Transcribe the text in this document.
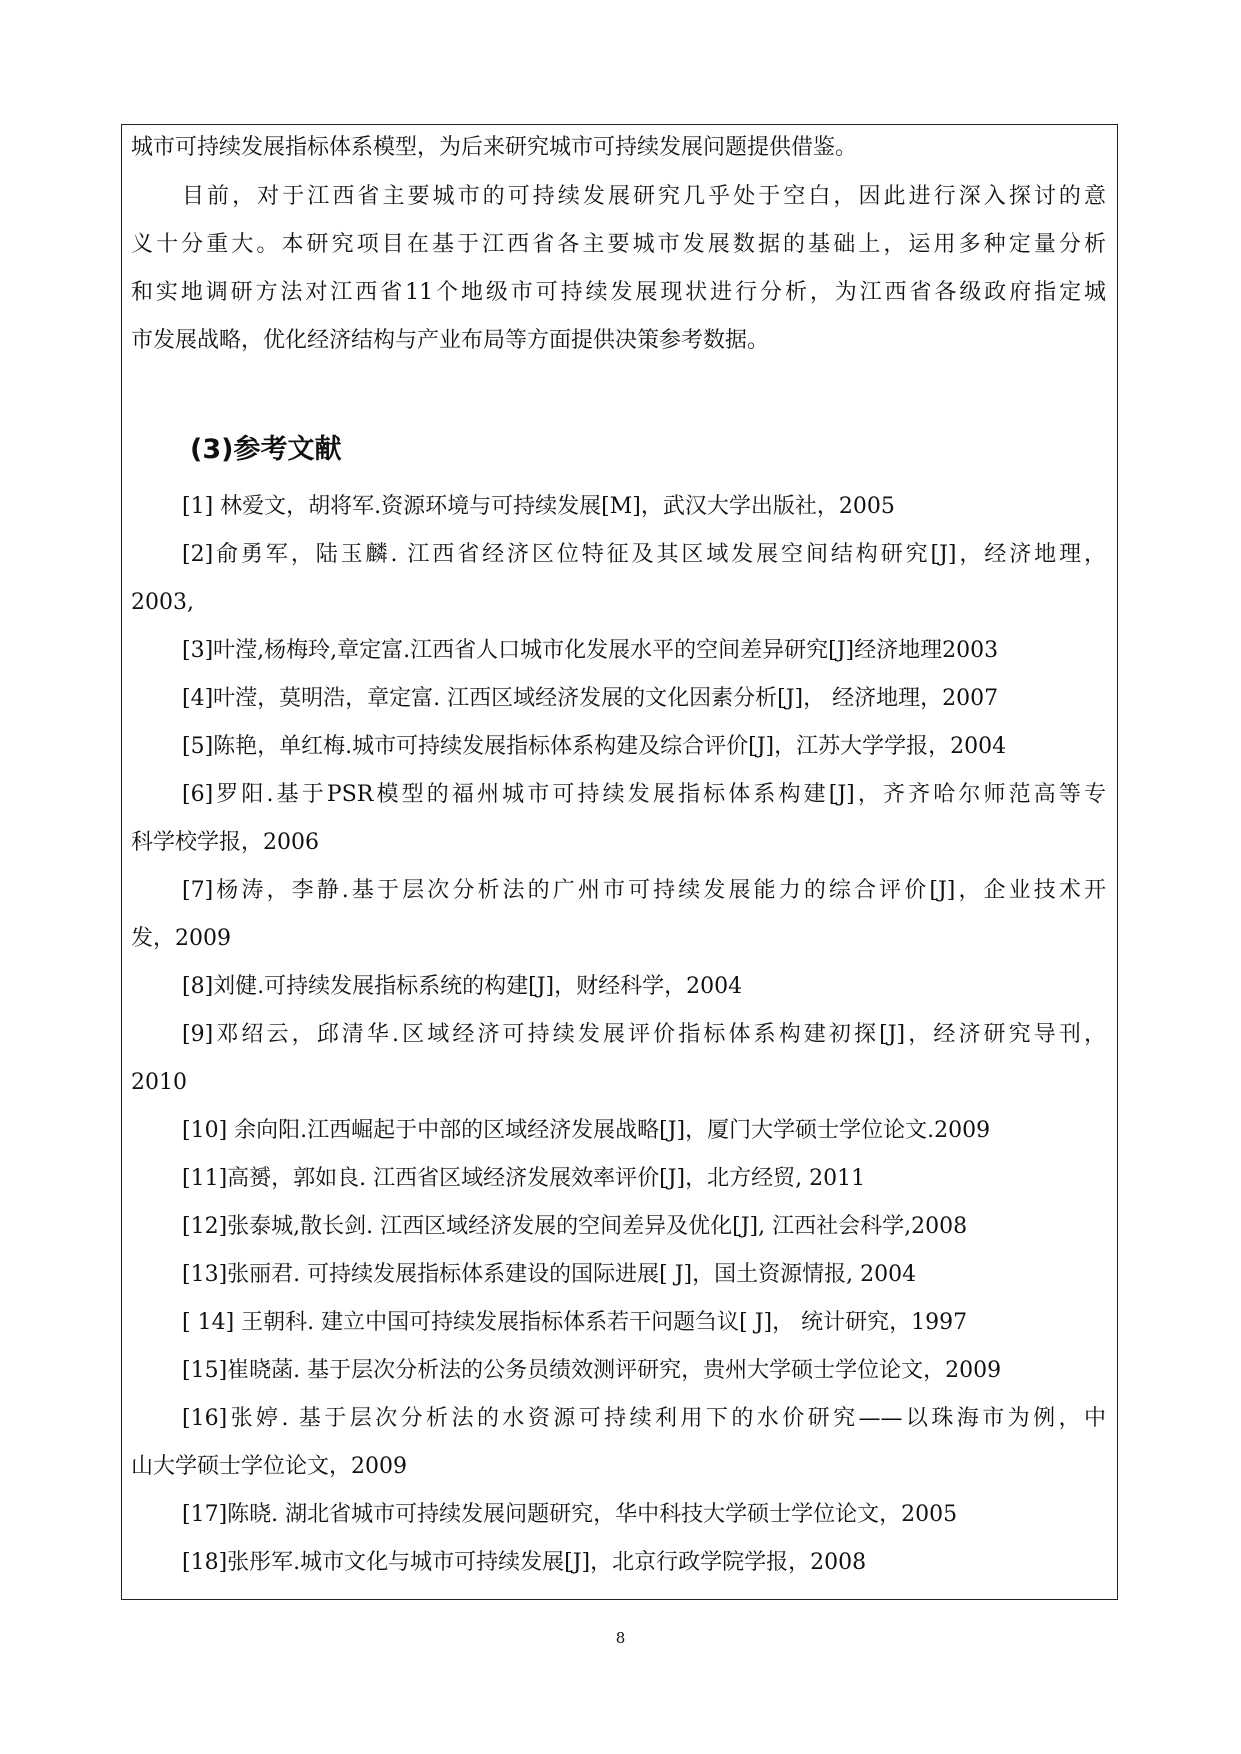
城市可持续发展指标体系模型，为后来研究城市可持续发展问题提供借鉴。
目前，对于江西省主要城市的可持续发展研究几乎处于空白，因此进行深入探讨的意
义十分重大。本研究项目在基于江西省各主要城市发展数据的基础上，运用多种定量分析
和实地调研方法对江西省11个地级市可持续发展现状进行分析，为江西省各级政府指定城
市发展战略，优化经济结构与产业布局等方面提供决策参考数据。
(3)参考文献
[1] 林爱文，胡将军.资源环境与可持续发展[M]，武汉大学出版社，2005
[2]俞勇军，陆玉麟. 江西省经济区位特征及其区域发展空间结构研究[J]，经济地理，
2003,
[3]叶滢,杨梅玲,章定富.江西省人口城市化发展水平的空间差异研究[J]经济地理2003
[4]叶滢，莫明浩，章定富. 江西区域经济发展的文化因素分析[J]， 经济地理，2007
[5]陈艳，单红梅.城市可持续发展指标体系构建及综合评价[J]，江苏大学学报，2004
[6]罗阳.基于PSR模型的福州城市可持续发展指标体系构建[J]，齐齐哈尔师范高等专
科学校学报，2006
[7]杨涛，李静.基于层次分析法的广州市可持续发展能力的综合评价[J]，企业技术开
发，2009
[8]刘健.可持续发展指标系统的构建[J]，财经科学，2004
[9]邓绍云，邱清华.区域经济可持续发展评价指标体系构建初探[J]，经济研究导刊，
2010
[10] 余向阳.江西崛起于中部的区域经济发展战略[J]，厦门大学硕士学位论文.2009
[11]高赟，郭如良. 江西省区域经济发展效率评价[J]，北方经贸, 2011
[12]张泰城,散长剑. 江西区域经济发展的空间差异及优化[J], 江西社会科学,2008
[13]张丽君. 可持续发展指标体系建设的国际进展[ J]，国土资源情报, 2004
[ 14] 王朝科. 建立中国可持续发展指标体系若干问题刍议[ J]， 统计研究，1997
[15]崔晓菡. 基于层次分析法的公务员绩效测评研究，贵州大学硕士学位论文，2009
[16]张婷. 基于层次分析法的水资源可持续利用下的水价研究——以珠海市为例，中
山大学硕士学位论文，2009
[17]陈晓. 湖北省城市可持续发展问题研究，华中科技大学硕士学位论文，2005
[18]张彤军.城市文化与城市可持续发展[J]，北京行政学院学报，2008
8
